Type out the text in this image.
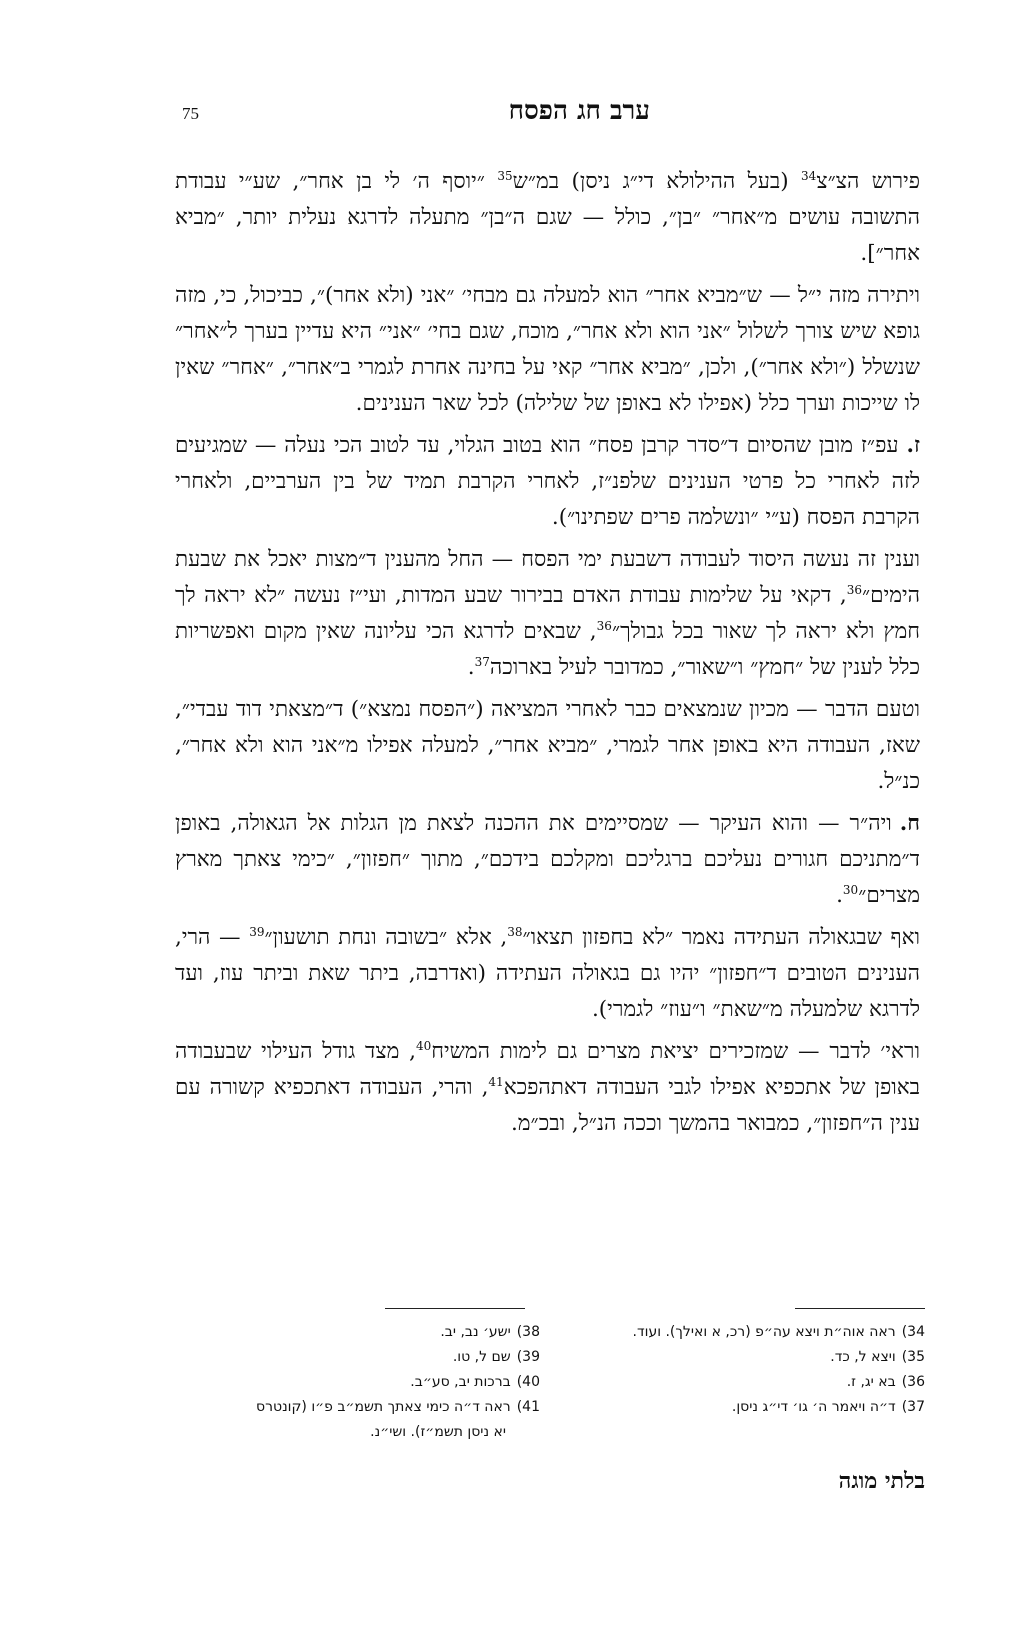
75	ערב חג הפסח

פירוש הצ״צ$^{34}$ (בעל ההילולא די״ג ניסן) במ״ש$^{35}$ ״יוסף ה׳ לי בן אחר״, שע״י עבודת התשובה עושים מ״אחר״ ״בן״, כולל — שגם ה״בן״ מתעלה לדרגא נעלית יותר, ״מביא אחר״].

ויתירה מזה י״ל — ש״מביא אחר״ הוא למעלה גם מבחי׳ ״אני (ולא אחר)״, כביכול, כי, מזה גופא שיש צורך לשלול ״אני הוא ולא אחר״, מוכח, שגם בחי׳ ״אני״ היא עדיין בערך ל״אחר״ שנשלל (״ולא אחר״), ולכן, ״מביא אחר״ קאי על בחינה אחרת לגמרי ב״אחר״, ״אחר״ שאין לו שייכות וערך כלל (אפילו לא באופן של שלילה) לכל שאר הענינים.

ז.עפ״ז מובן שהסיום ד״סדר קרבן פסח״ הוא בטוב הגלוי, עד לטוב הכי נעלה — שמגיעים לזה לאחרי כל פרטי הענינים שלפנ״ז, לאחרי הקרבת תמיד של בין הערביים, ולאחרי הקרבת הפסח (ע״י ״ונשלמה פרים שפתינו״).

וענין זה נעשה היסוד לעבודה דשבעת ימי הפסח — החל מהענין ד״מצות יאכל את שבעת הימים״$^{36}$, דקאי על שלימות עבודת האדם בבירור שבע המדות, ועי״ז נעשה ״לא יראה לך חמץ ולא יראה לך שאור בכל גבולך״$^{36}$, שבאים לדרגא הכי עליונה שאין מקום ואפשריות כלל לענין של ״חמץ״ ו״שאור״, כמדובר לעיל בארוכה$^{37}$.

וטעם הדבר — מכיון שנמצאים כבר לאחרי המציאה (״הפסח נמצא״) ד״מצאתי דוד עבדי״, שאז, העבודה היא באופן אחר לגמרי, ״מביא אחר״, למעלה אפילו מ״אני הוא ולא אחר״, כנ״ל.

ח.ויה״ר — והוא העיקר — שמסיימים את ההכנה לצאת מן הגלות אל הגאולה, באופן ד״מתניכם חגורים נעליכם ברגליכם ומקלכם בידכם״, מתוך ״חפזון״, ״כימי צאתך מארץ מצרים״$^{30}$.

ואף שבגאולה העתידה נאמר ״לא בחפזון תצאו״$^{38}$, אלא ״בשובה ונחת תושעון״$^{39}$ — הרי, הענינים הטובים ד״חפזון״ יהיו גם בגאולה העתידה (ואדרבה, ביתר שאת וביתר עוז, ועד לדרגא שלמעלה מ״שאת״ ו״עוז״ לגמרי).

וראי׳ לדבר — שמזכירים יציאת מצרים גם לימות המשיח$^{40}$, מצד גודל העילוי שבעבודה באופן של אתכפיא אפילו לגבי העבודה דאתהפכא$^{41}$, והרי, העבודה דאתכפיא קשורה עם ענין ה״חפזון״, כמבואר בהמשך וככה הנ״ל, ובכ״מ.

34)ראה אוה״ת ויצא עה״פ (רכ, א ואילך). ועוד.
35)ויצא ל, כד.
36)בא יג, ז.
37)ד״ה ויאמר ה׳ גו׳ די״ג ניסן.
38)ישע׳ נב, יב.
39)שם ל, טו.
40)ברכות יב, סע״ב.
41)ראה ד״ה כימי צאתך תשמ״ב פ״ו (קונטרס
יא ניסן תשמ״ז). ושי״נ.
בלתי מוגה
